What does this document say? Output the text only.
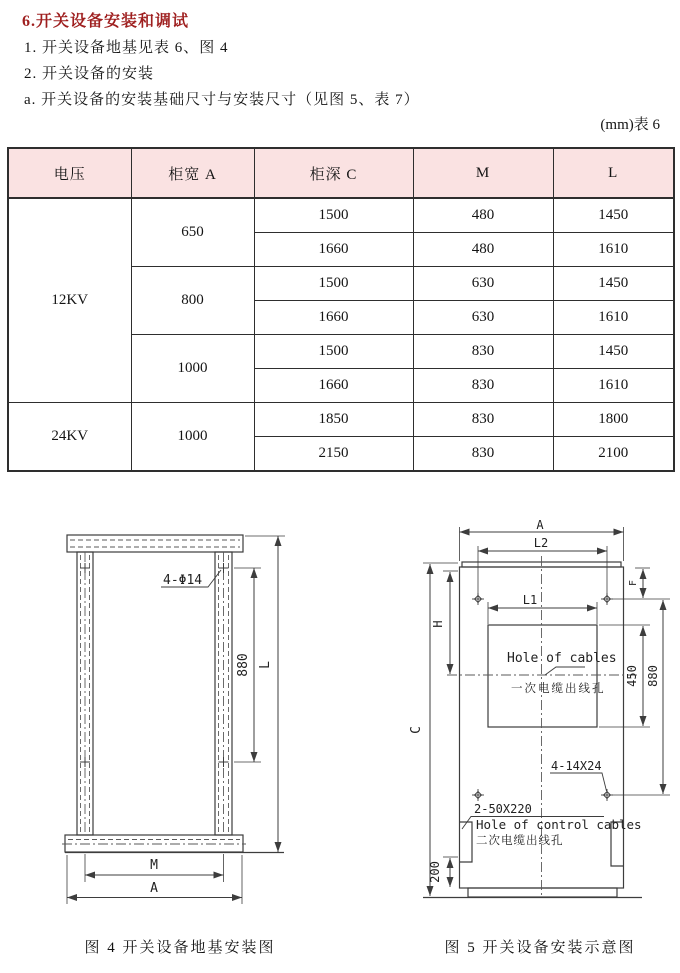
6.开关设备安装和调试
1. 开关设备地基见表 6、图 4
2. 开关设备的安装
a. 开关设备的安装基础尺寸与安装尺寸（见图 5、表 7）
(mm)表 6
电压	柜宽 A	柜深 C	M	L
12KV	650	1500	480	1450
		1660	480	1610
	800	1500	630	1450
		1660	630	1610
	1000	1500	830	1450
		1660	830	1610
24KV	1000	1850	830	1800
		2150	830	2100
4-Φ14
880 L
M
A
A
L2
L1
F
H
C
450 880
200
Hole of cables
一次电缆出线孔
4-14X24
2-50X220
Hole of control cables
二次电缆出线孔
图 4 开关设备地基安装图	图 5 开关设备安装示意图
